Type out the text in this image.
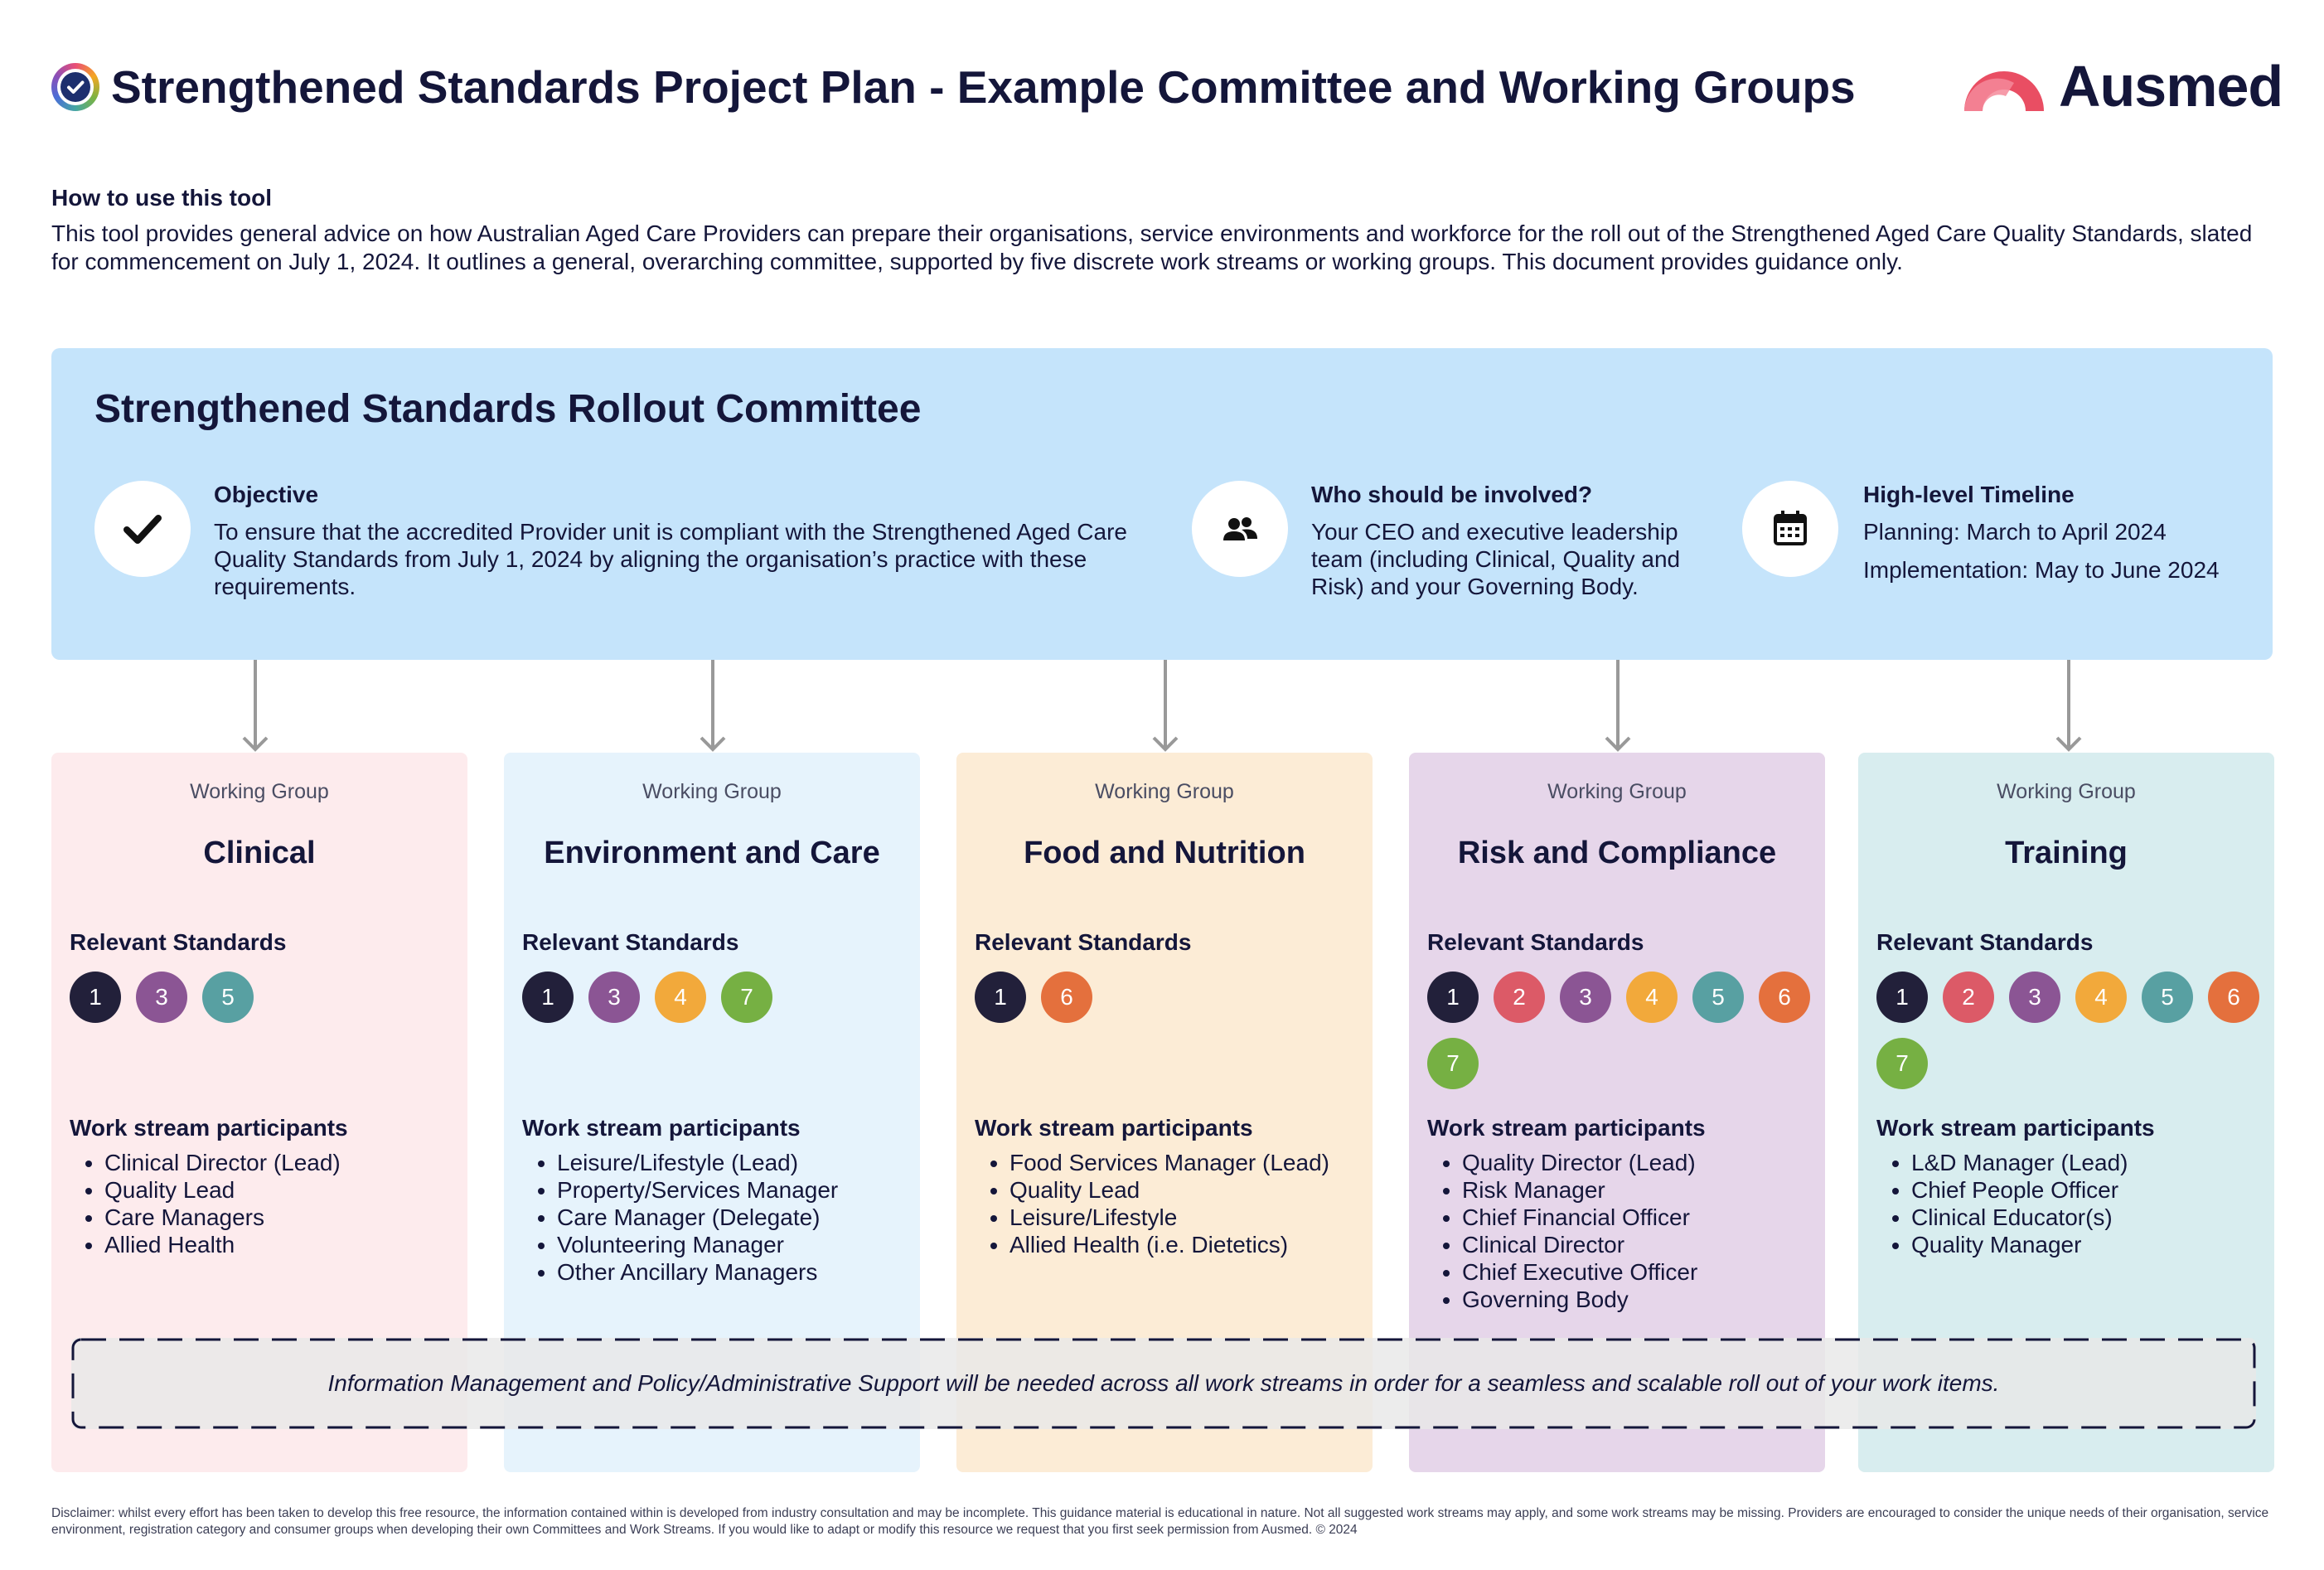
Strengthened Standards Project Plan - Example Committee and Working Groups	Ausmed
How to use this tool
This tool provides general advice on how Australian Aged Care Providers can prepare their organisations, service environments and workforce for the roll out of the Strengthened Aged Care Quality Standards, slated for commencement on July 1, 2024. It outlines a general, overarching committee, supported by five discrete work streams or working groups. This document provides guidance only.
Strengthened Standards Rollout Committee
Objective
To ensure that the accredited Provider unit is compliant with the Strengthened Aged Care Quality Standards from July 1, 2024 by aligning the organisation’s practice with these requirements.
Who should be involved?
Your CEO and executive leadership team (including Clinical, Quality and Risk) and your Governing Body.
High-level Timeline
Planning: March to April 2024
Implementation: May to June 2024
Working Group
Clinical
Relevant Standards
1	3	5
Work stream participants
• Clinical Director (Lead)
• Quality Lead
• Care Managers
• Allied Health
Working Group
Environment and Care
Relevant Standards
1	3	4	7
Work stream participants
• Leisure/Lifestyle (Lead)
• Property/Services Manager
• Care Manager (Delegate)
• Volunteering Manager
• Other Ancillary Managers
Working Group
Food and Nutrition
Relevant Standards
1	6
Work stream participants
• Food Services Manager (Lead)
• Quality Lead
• Leisure/Lifestyle
• Allied Health (i.e. Dietetics)
Working Group
Risk and Compliance
Relevant Standards
1	2	3	4	5	6
7
Work stream participants
• Quality Director (Lead)
• Risk Manager
• Chief Financial Officer
• Clinical Director
• Chief Executive Officer
• Governing Body
Working Group
Training
Relevant Standards
1	2	3	4	5	6
7
Work stream participants
• L&D Manager (Lead)
• Chief People Officer
• Clinical Educator(s)
• Quality Manager
Information Management and Policy/Administrative Support will be needed across all work streams in order for a seamless and scalable roll out of your work items.
Disclaimer: whilst every effort has been taken to develop this free resource, the information contained within is developed from industry consultation and may be incomplete. This guidance material is educational in nature. Not all suggested work streams may apply, and some work streams may be missing. Providers are encouraged to consider the unique needs of their organisation, service environment, registration category and consumer groups when developing their own Committees and Work Streams. If you would like to adapt or modify this resource we request that you first seek permission from Ausmed. © 2024
